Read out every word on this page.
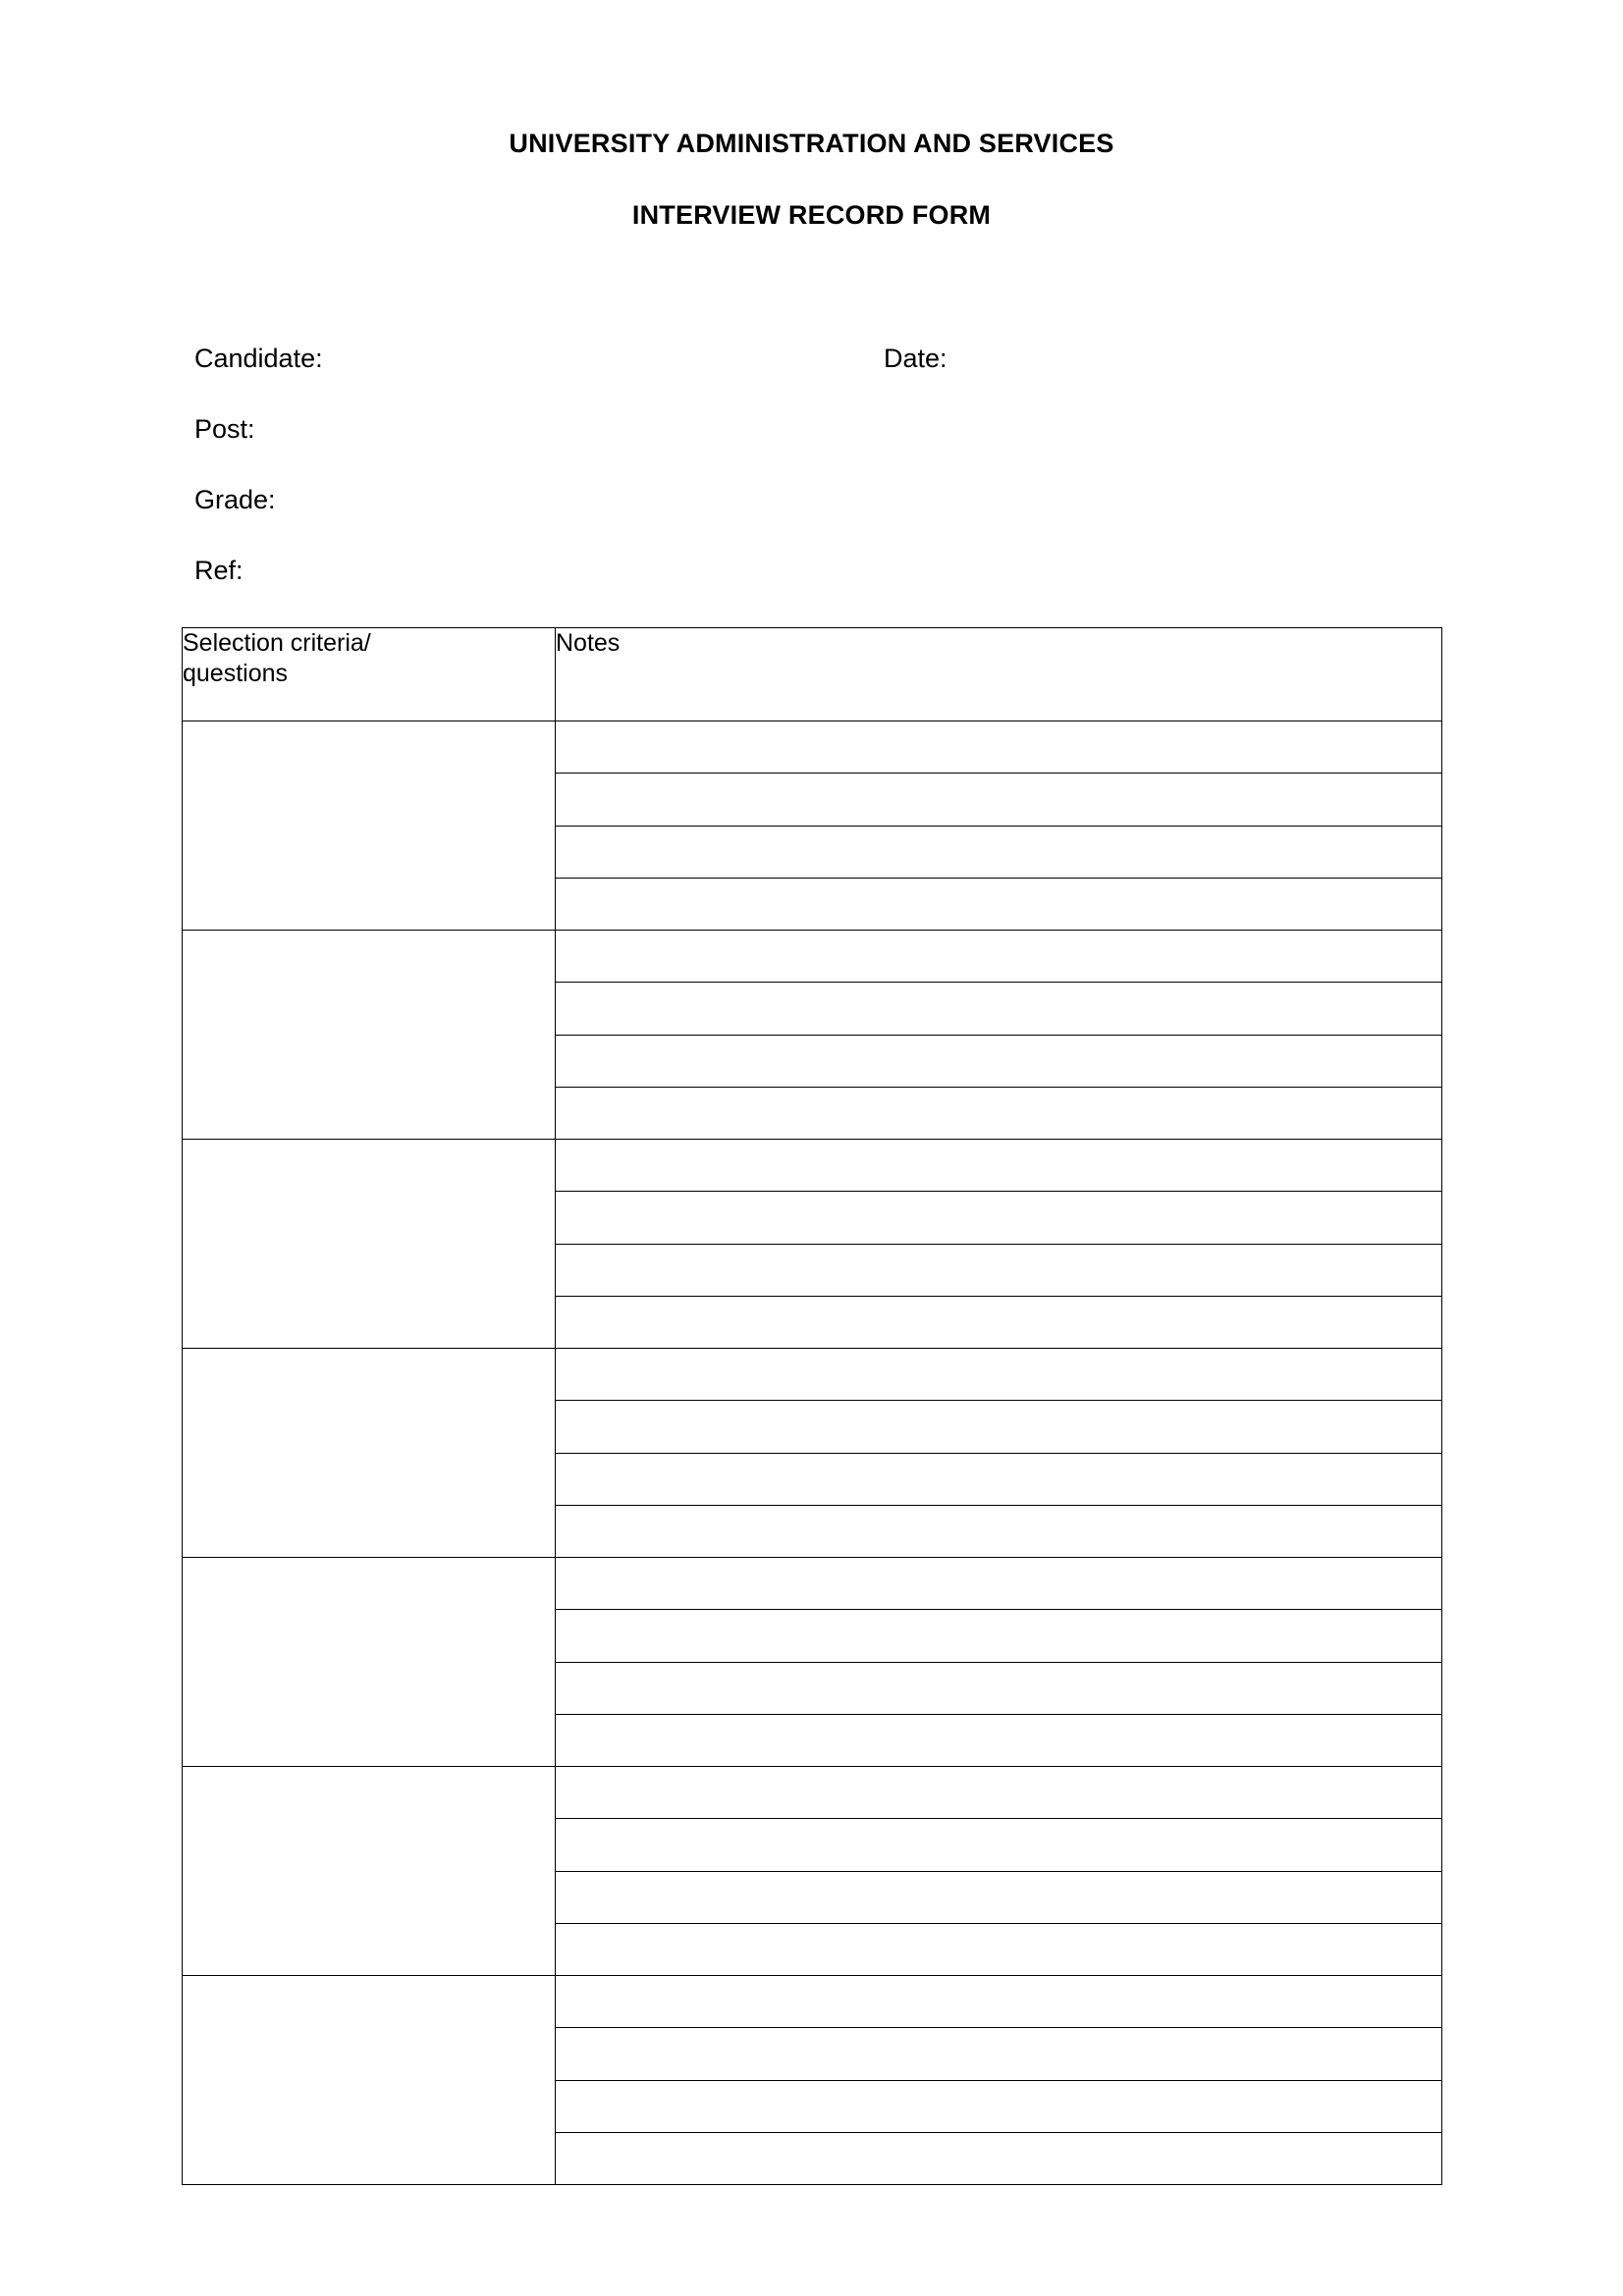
UNIVERSITY ADMINISTRATION AND SERVICES
INTERVIEW RECORD FORM
Candidate:	Date:
Post:
Grade:
Ref:
Selection criteria/
questions	Notes
